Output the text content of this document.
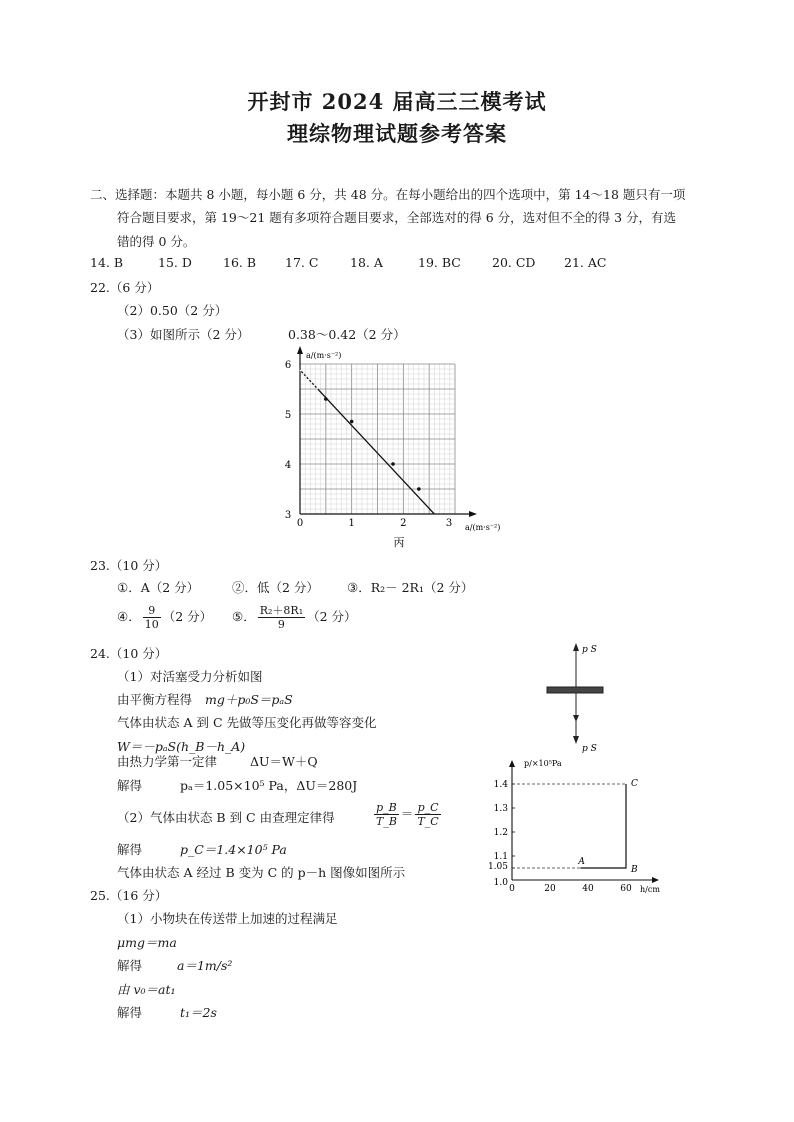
开封市 2024 届高三三模考试
理综物理试题参考答案
二、选择题：本题共 8 小题，每小题 6 分，共 48 分。在每小题给出的四个选项中，第 14～18 题只有一项
符合题目要求，第 19～21 题有多项符合题目要求，全部选对的得 6 分，选对但不全的得 3 分，有选
错的得 0 分。
14. B	15. D 16. B 17. C	18. A	19. BC 20. CD 21. AC
22.（6 分）
（2）0.50（2 分）
（3）如图所示（2 分）	0.38～0.42（2 分）
a/(m·s⁻²)
a/(m·s⁻²)
0	1	2	3
3
4
5
6
丙
23.（10 分）
①．A（2 分）	②．低（2 分） ③．R₂－ 2R₁（2 分）
④． $\frac{9}{10} (2$ 分） ⑤． $\frac{\text{R₂＋8R₁}}{9} (2$ 分）
24.（10 分）
（1）对活塞受力分析如图
由平衡方程得 mg＋p₀S＝pₐS
气体由状态 A 到 C 先做等压变化再做等容变化
W＝－pₐS(h_B－h_A)
由热力学第一定律	ΔU＝W＋Q
解得	pₐ＝1.05×10⁵ Pa，ΔU＝280J
（2）气体由状态 B 到 C 由查理定律得	$\frac{p\_B}{T\_B} = \frac{p\_C}{T\_C}$
解得	p_C＝1.4×10⁵ Pa
气体由状态 A 经过 B 变为 C 的 p－h 图像如图所示
p S
p S
p/×10⁵Pa
h/cm
0	20	40	60
1.0
1.05
1.1
1.2
1.3
1.4
A
B
C
25.（16 分）
（1）小物块在传送带上加速的过程满足
μmg＝ma
解得	a＝1m/s²
由 v₀＝at₁
解得	t₁＝2s
